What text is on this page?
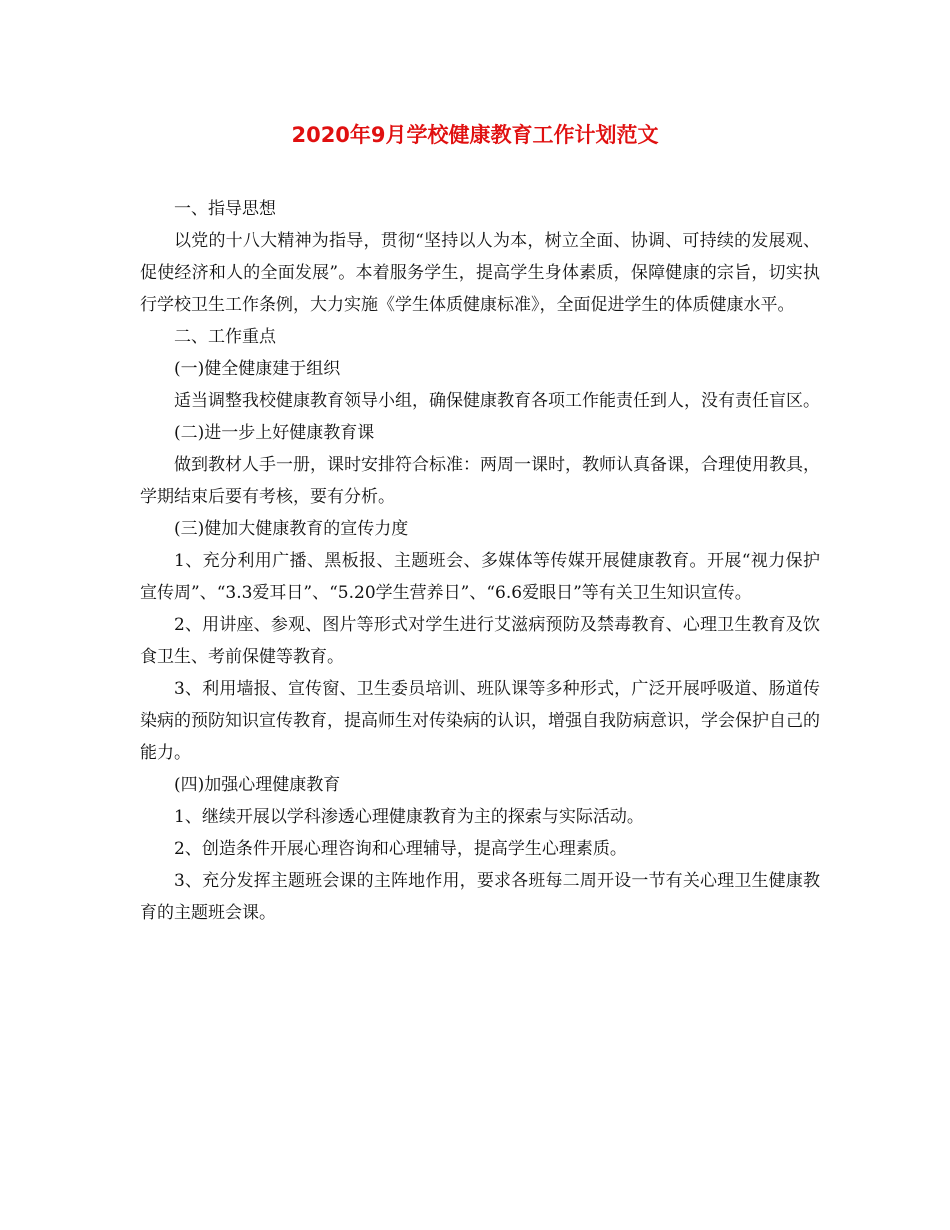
2020年9月学校健康教育工作计划范文

一、指导思想

以党的十八大精神为指导，贯彻“坚持以人为本，树立全面、协调、可持续的发展观、促使经济和人的全面发展”。本着服务学生，提高学生身体素质，保障健康的宗旨，切实执行学校卫生工作条例，大力实施《学生体质健康标准》，全面促进学生的体质健康水平。

二、工作重点

(一)健全健康建于组织

适当调整我校健康教育领导小组，确保健康教育各项工作能责任到人，没有责任盲区。

(二)进一步上好健康教育课

做到教材人手一册，课时安排符合标准：两周一课时，教师认真备课，合理使用教具，学期结束后要有考核，要有分析。

(三)健加大健康教育的宣传力度

1、充分利用广播、黑板报、主题班会、多媒体等传媒开展健康教育。开展“视力保护宣传周”、“3.3爱耳日”、“5.20学生营养日”、“6.6爱眼日”等有关卫生知识宣传。

2、用讲座、参观、图片等形式对学生进行艾滋病预防及禁毒教育、心理卫生教育及饮食卫生、考前保健等教育。

3、利用墙报、宣传窗、卫生委员培训、班队课等多种形式，广泛开展呼吸道、肠道传染病的预防知识宣传教育，提高师生对传染病的认识，增强自我防病意识，学会保护自己的能力。

(四)加强心理健康教育

1、继续开展以学科渗透心理健康教育为主的探索与实际活动。

2、创造条件开展心理咨询和心理辅导，提高学生心理素质。

3、充分发挥主题班会课的主阵地作用，要求各班每二周开设一节有关心理卫生健康教育的主题班会课。
